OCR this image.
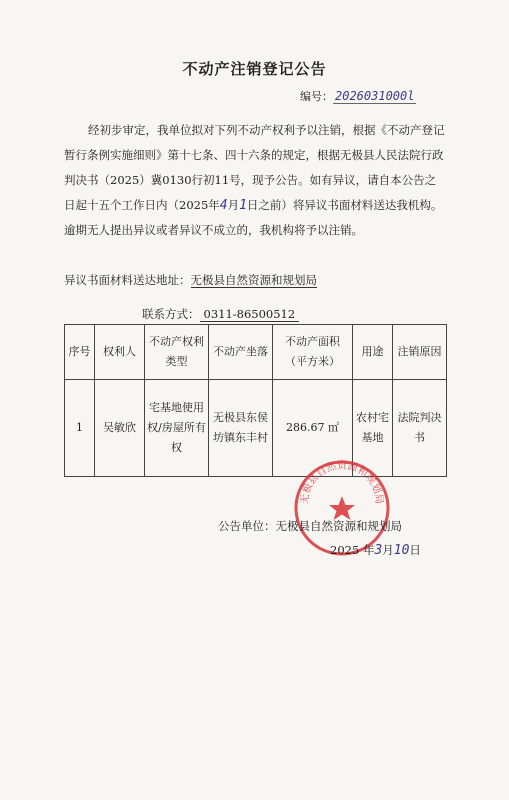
不动产注销登记公告
编号： 2026031000l
经初步审定，我单位拟对下列不动产权利予以注销，根据《不动产登记暂行条例实施细则》第十七条、四十六条的规定，根据无极县人民法院行政判决书（2025）冀0130行初11号，现予公告。如有异议，请自本公告之日起十五个工作日内（2025年4月1日之前）将异议书面材料送达我机构。逾期无人提出异议或者异议不成立的，我机构将予以注销。
异议书面材料送达地址：无极县自然资源和规划局
联系方式： 0311-86500512
序号	权利人	不动产权利类型	不动产坐落	不动产面积（平方米）	用途	注销原因
1	吴敏欣	宅基地使用权/房屋所有权	无极县东侯坊镇东丰村	286.67 ㎡	农村宅基地	法院判决书
无极县自然资源和规划局
公告单位：无极县自然资源和规划局
2025 年3月10日
